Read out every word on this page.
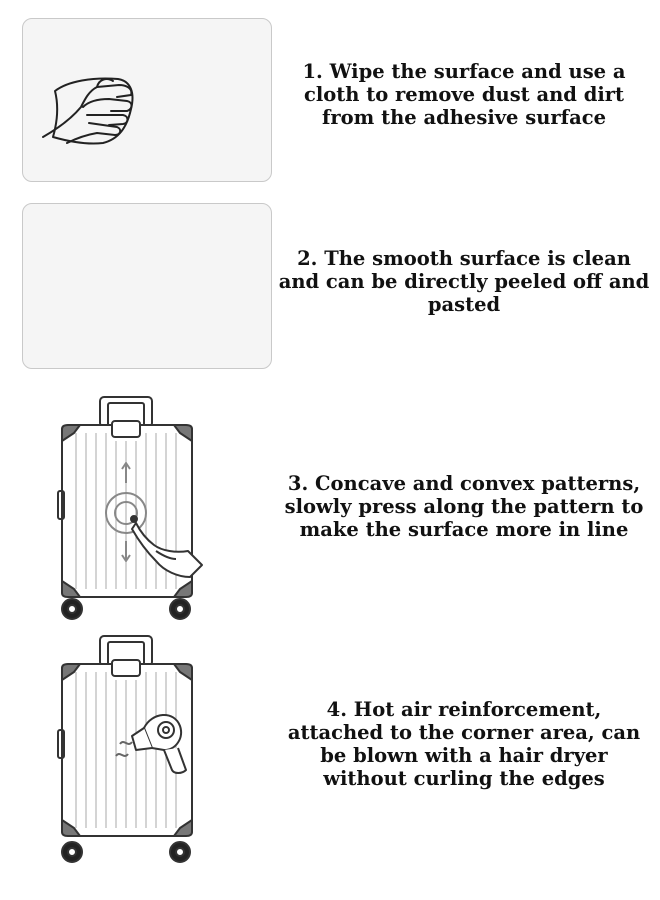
1. Wipe the surface and use a cloth to remove dust and dirt from the adhesive surface
2. The smooth surface is clean and can be directly peeled off and pasted
3. Concave and convex patterns, slowly press along the pattern to make the surface more in line
4. Hot air reinforcement, attached to the corner area, can be blown with a hair dryer without curling the edges
